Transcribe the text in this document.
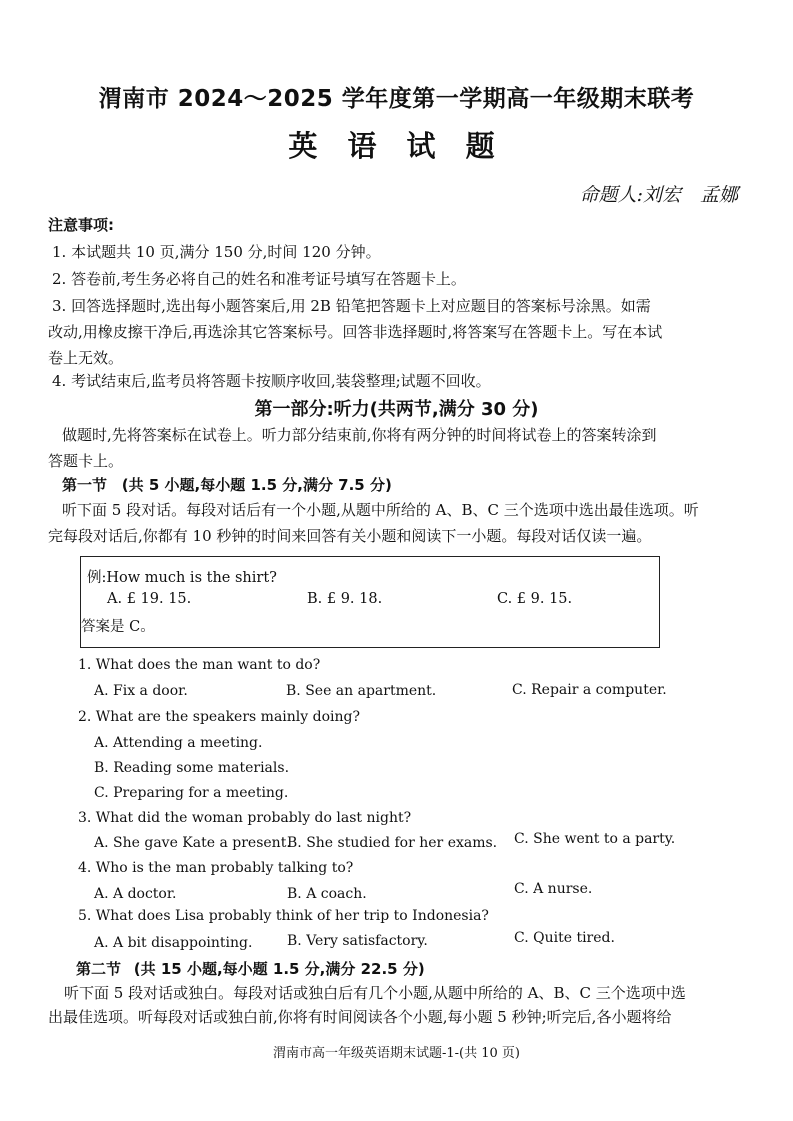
渭南市 2024～2025 学年度第一学期高一年级期末联考
英 语 试 题
命题人:刘宏　孟娜
注意事项:
1. 本试题共 10 页,满分 150 分,时间 120 分钟。
2. 答卷前,考生务必将自己的姓名和准考证号填写在答题卡上。
3. 回答选择题时,选出每小题答案后,用 2B 铅笔把答题卡上对应题目的答案标号涂黑。如需
改动,用橡皮擦干净后,再选涂其它答案标号。回答非选择题时,将答案写在答题卡上。写在本试
卷上无效。
4. 考试结束后,监考员将答题卡按顺序收回,装袋整理;试题不回收。
第一部分:听力(共两节,满分 30 分)
做题时,先将答案标在试卷上。听力部分结束前,你将有两分钟的时间将试卷上的答案转涂到
答题卡上。
第一节 (共 5 小题,每小题 1.5 分,满分 7.5 分)
听下面 5 段对话。每段对话后有一个小题,从题中所给的 A、B、C 三个选项中选出最佳选项。听
完每段对话后,你都有 10 秒钟的时间来回答有关小题和阅读下一小题。每段对话仅读一遍。
例:How much is the shirt?
A. £ 19. 15.	B. £ 9. 18.	C. £ 9. 15.
答案是 C。
1. What does the man want to do?
A. Fix a door.	B. See an apartment.	C. Repair a computer.
2. What are the speakers mainly doing?
A. Attending a meeting.
B. Reading some materials.
C. Preparing for a meeting.
3. What did the woman probably do last night?
A. She gave Kate a present.
B. She studied for her exams. C. She went to a party.
4. Who is the man probably talking to?
A. A doctor.	B. A coach.	C. A nurse.
5. What does Lisa probably think of her trip to Indonesia?
A. A bit disappointing. B. Very satisfactory.	C. Quite tired.
第二节 (共 15 小题,每小题 1.5 分,满分 22.5 分)
听下面 5 段对话或独白。每段对话或独白后有几个小题,从题中所给的 A、B、C 三个选项中选
出最佳选项。听每段对话或独白前,你将有时间阅读各个小题,每小题 5 秒钟;听完后,各小题将给
渭南市高一年级英语期末试题-1-(共 10 页)
